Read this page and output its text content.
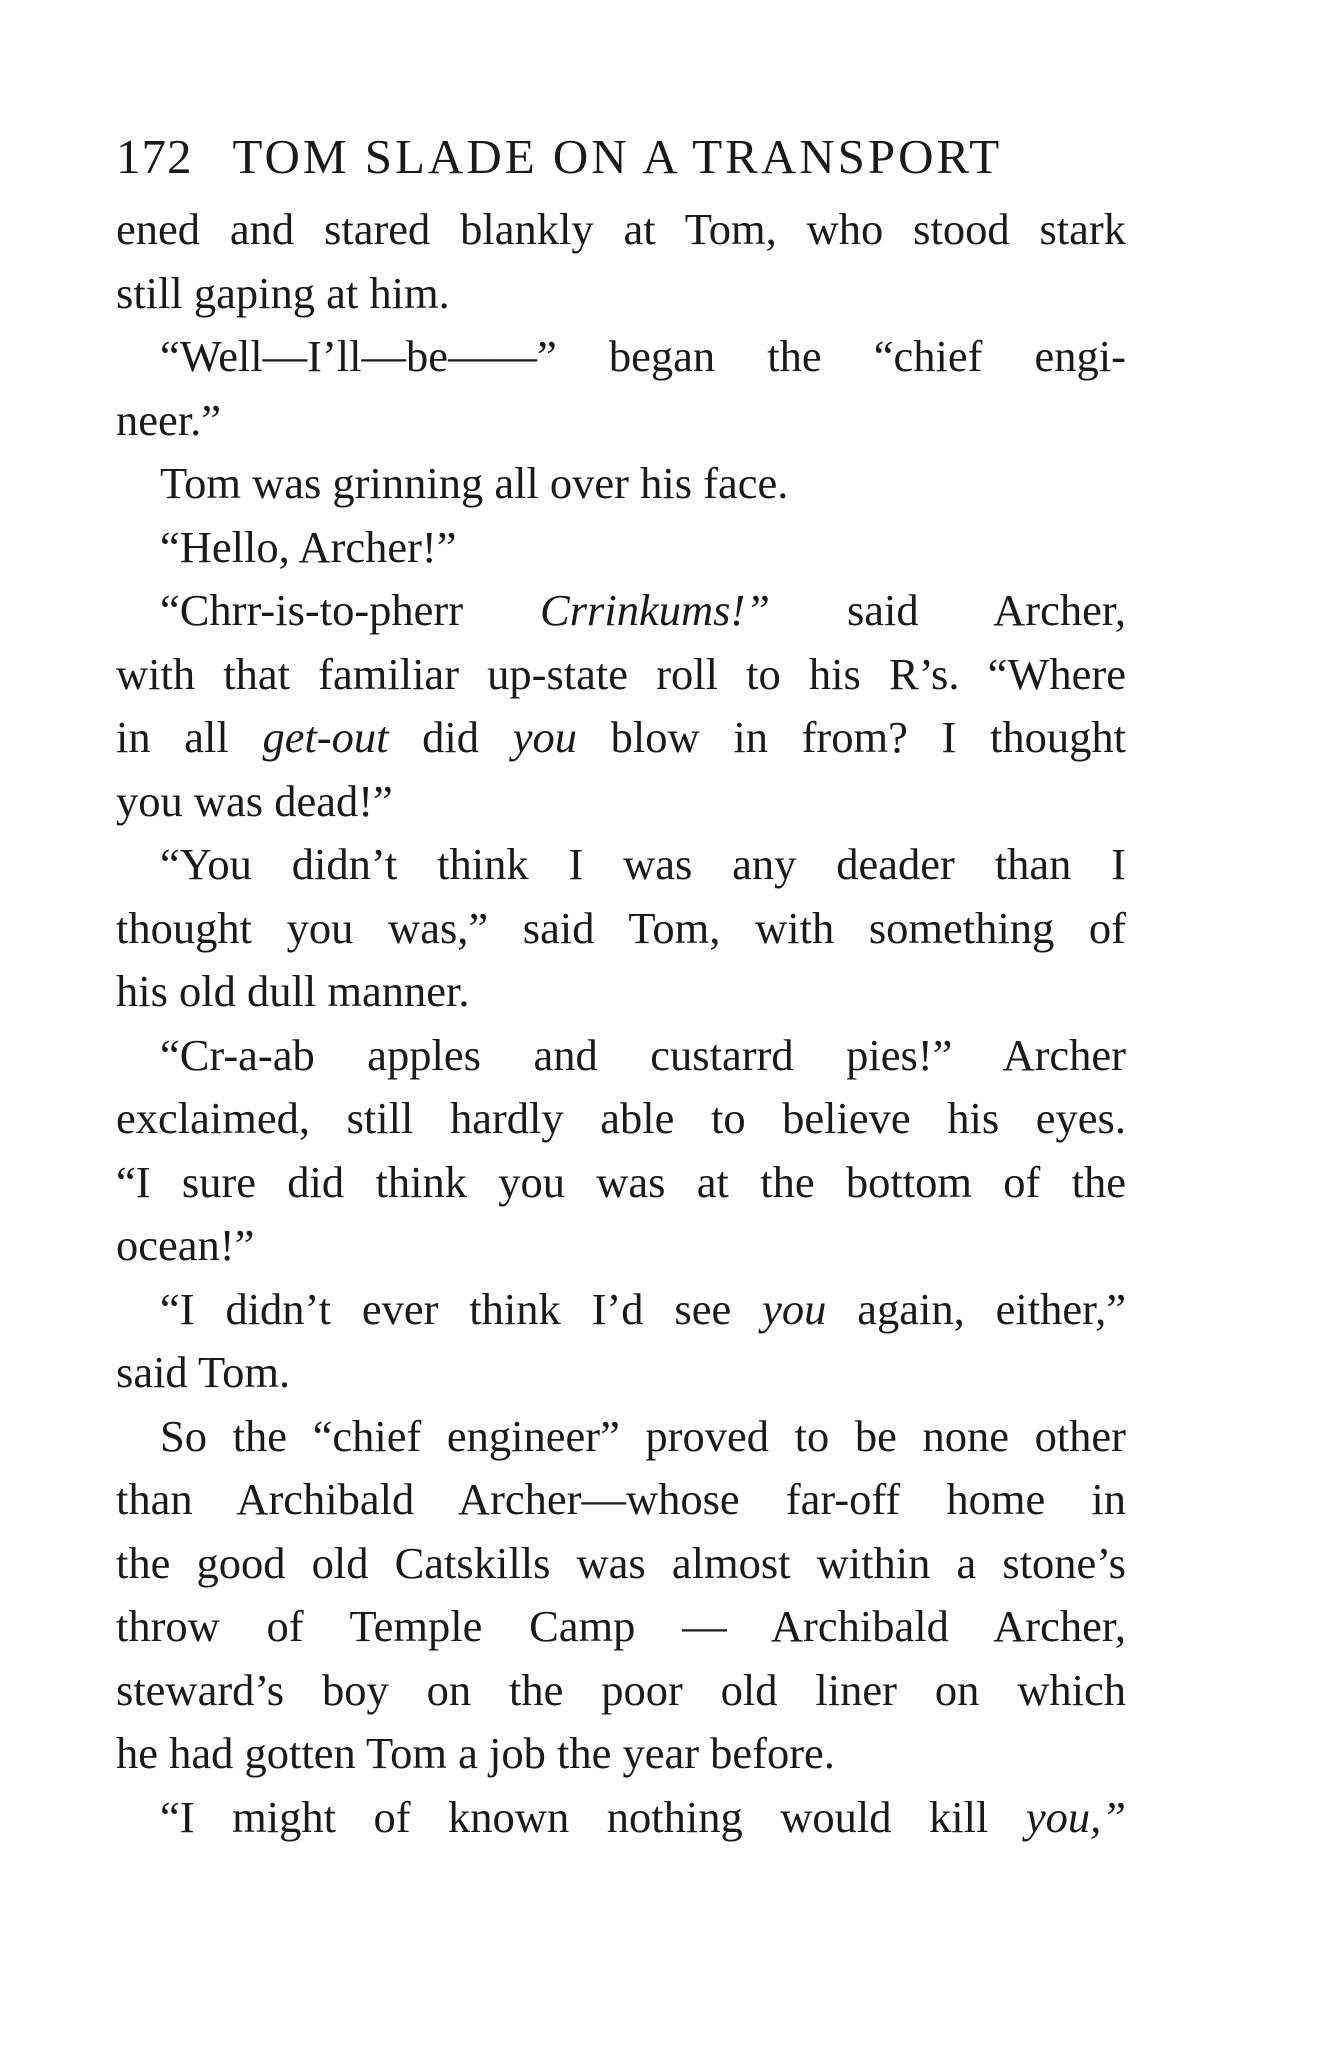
172 TOM SLADE ON A TRANSPORT
ened and stared blankly at Tom, who stood stark
still gaping at him.
“Well—I’ll—be——” began the “chief engi-
neer.”
Tom was grinning all over his face.
“Hello, Archer!”
“Chrr-is-to-pherr Crrinkums!” said Archer,
with that familiar up-state roll to his R’s. “Where
in all get-out did you blow in from? I thought
you was dead!”
“You didn’t think I was any deader than I
thought you was,” said Tom, with something of
his old dull manner.
“Cr-a-ab apples and custarrd pies!” Archer
exclaimed, still hardly able to believe his eyes.
“I sure did think you was at the bottom of the
ocean!”
“I didn’t ever think I’d see you again, either,”
said Tom.
So the “chief engineer” proved to be none other
than Archibald Archer—whose far-off home in
the good old Catskills was almost within a stone’s
throw of Temple Camp — Archibald Archer,
steward’s boy on the poor old liner on which
he had gotten Tom a job the year before.
“I might of known nothing would kill you,”
